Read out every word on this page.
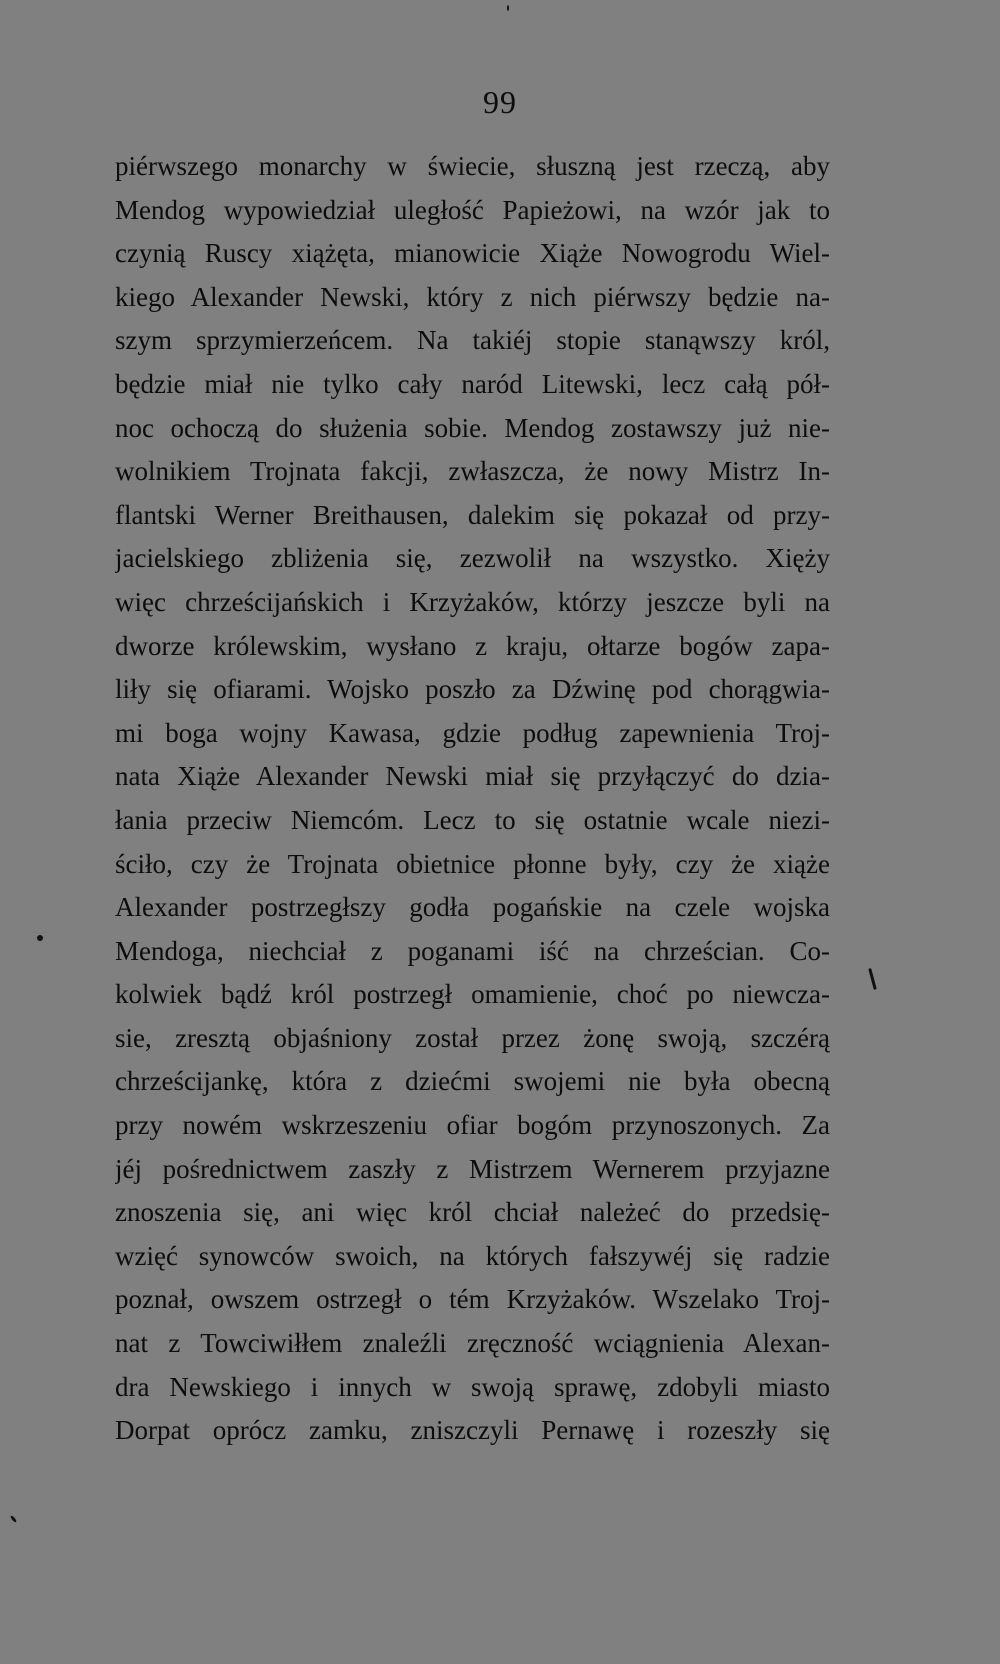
99
piérwszego monarchy w świecie, słuszną jest rzeczą, aby
Mendog wypowiedział uległość Papieżowi, na wzór jak to
czynią Ruscy xiążęta, mianowicie Xiąże Nowogrodu Wiel-
kiego Alexander Newski, który z nich piérwszy będzie na-
szym sprzymierzeńcem. Na takiéj stopie stanąwszy król,
będzie miał nie tylko cały naród Litewski, lecz całą pół-
noc ochoczą do służenia sobie. Mendog zostawszy już nie-
wolnikiem Trojnata fakcji, zwłaszcza, że nowy Mistrz In-
flantski Werner Breithausen, dalekim się pokazał od przy-
jacielskiego zbliżenia się, zezwolił na wszystko. Xięży
więc chrześcijańskich i Krzyżaków, którzy jeszcze byli na
dworze królewskim, wysłano z kraju, ołtarze bogów zapa-
liły się ofiarami. Wojsko poszło za Dźwinę pod chorągwia-
mi boga wojny Kawasa, gdzie podług zapewnienia Troj-
nata Xiąże Alexander Newski miał się przyłączyć do dzia-
łania przeciw Niemcóm. Lecz to się ostatnie wcale niezi-
ściło, czy że Trojnata obietnice płonne były, czy że xiąże
Alexander postrzegłszy godła pogańskie na czele wojska
Mendoga, niechciał z poganami iść na chrześcian. Co-
kolwiek bądź król postrzegł omamienie, choć po niewcza-
sie, zresztą objaśniony został przez żonę swoją, szczérą
chrześcijankę, która z dziećmi swojemi nie była obecną
przy nowém wskrzeszeniu ofiar bogóm przynoszonych. Za
jéj pośrednictwem zaszły z Mistrzem Wernerem przyjazne
znoszenia się, ani więc król chciał należeć do przedsię-
wzięć synowców swoich, na których fałszywéj się radzie
poznał, owszem ostrzegł o tém Krzyżaków. Wszelako Troj-
nat z Towciwiłłem znaleźli zręczność wciągnienia Alexan-
dra Newskiego i innych w swoją sprawę, zdobyli miasto
Dorpat oprócz zamku, zniszczyli Pernawę i rozeszły się
